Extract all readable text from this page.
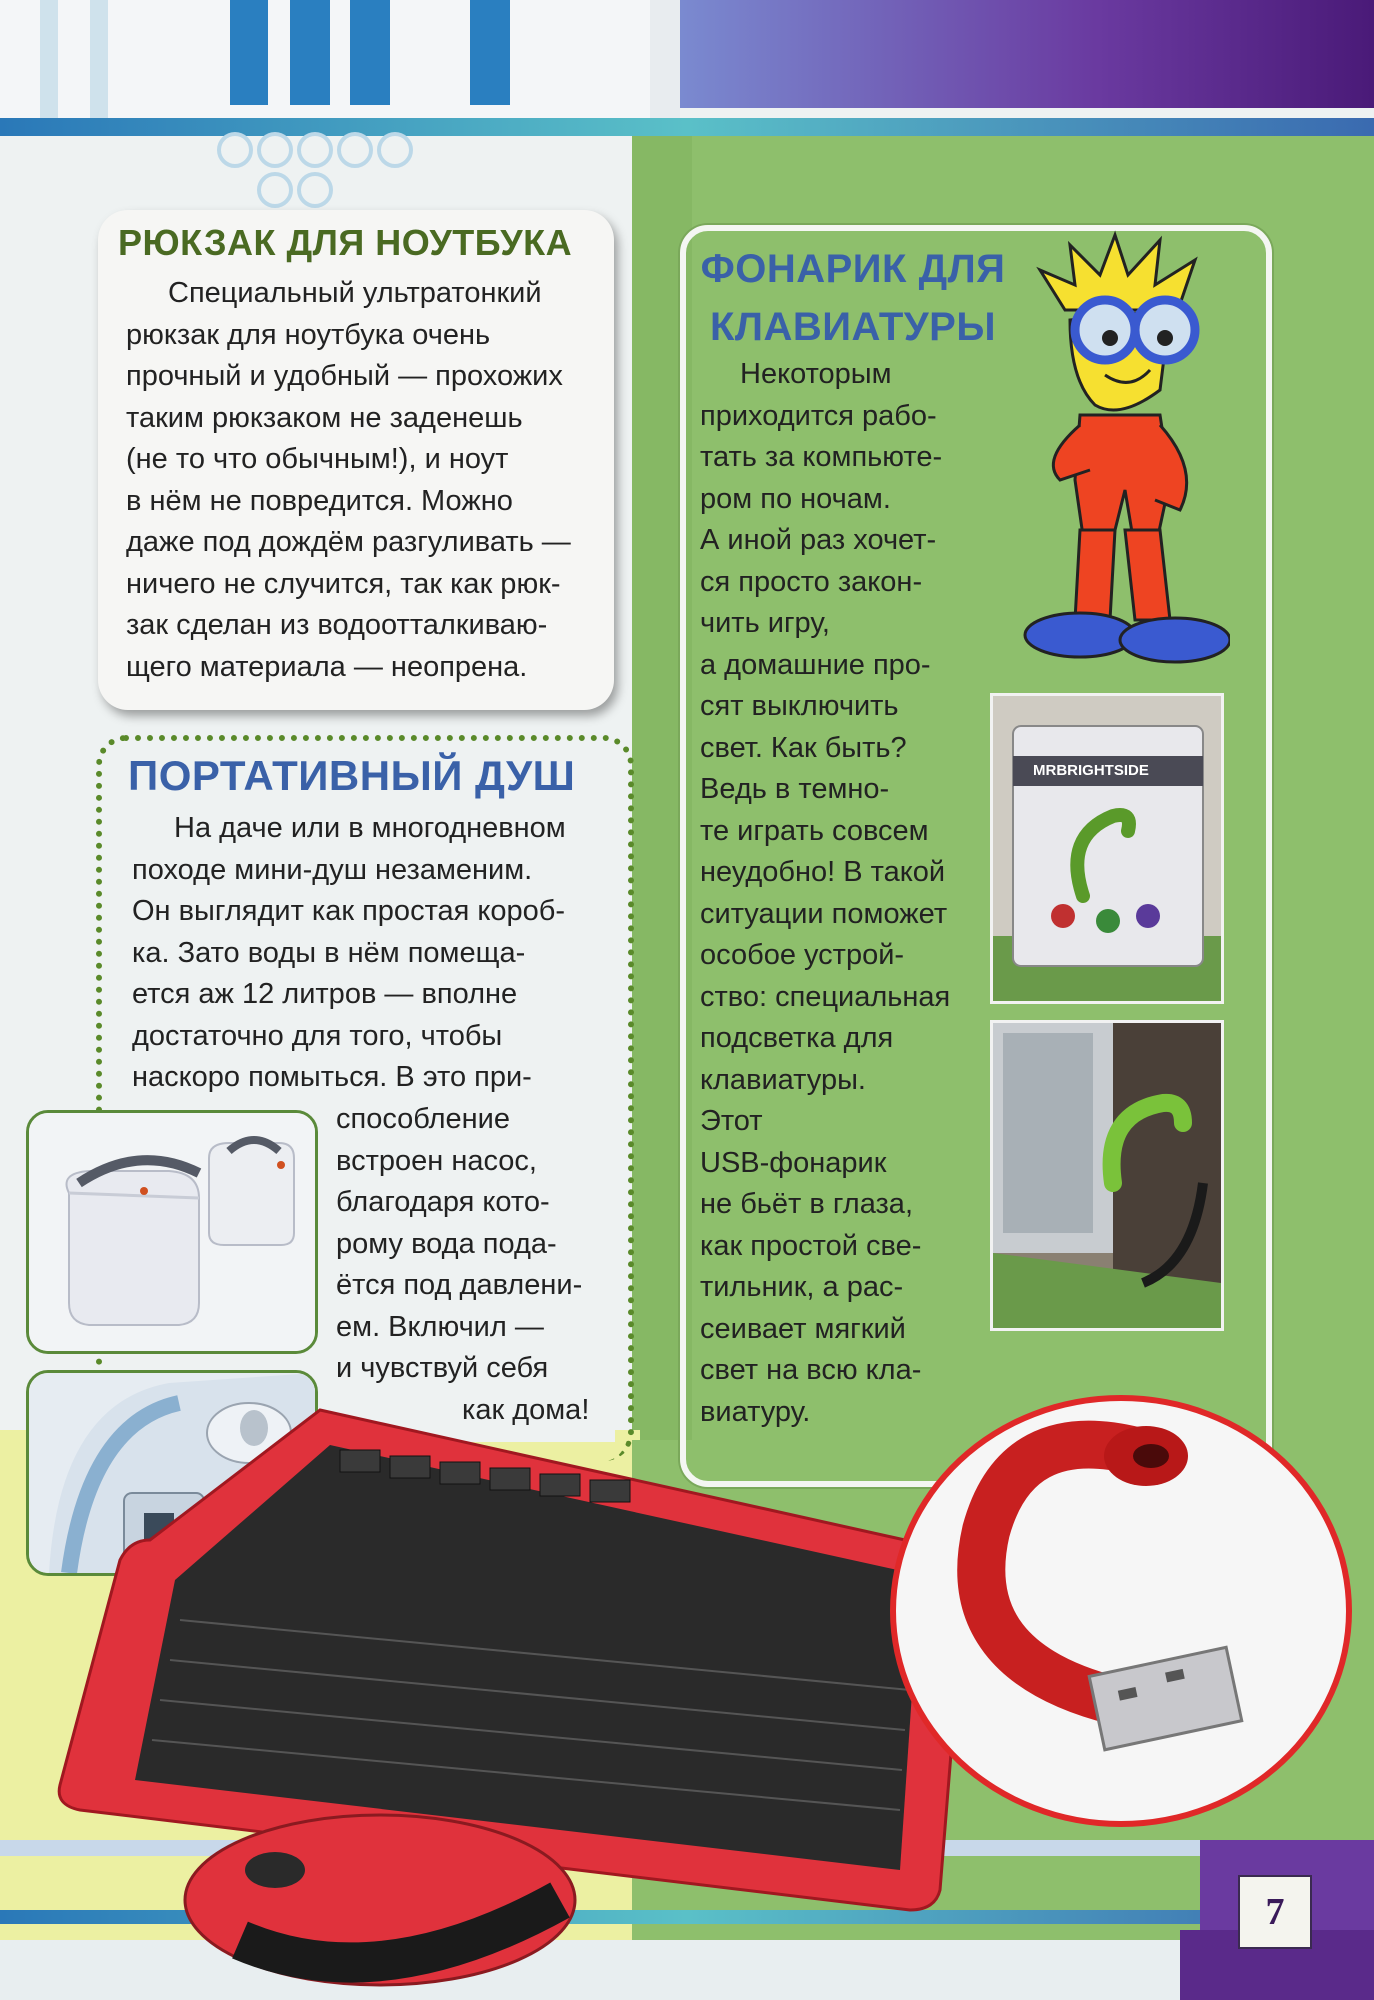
РЮКЗАК ДЛЯ НОУТБУКА
Специальный ультратонкий
рюкзак для ноутбука очень
прочный и удобный — прохожих
таким рюкзаком не заденешь
(не то что обычным!), и ноут
в нём не повредится. Можно
даже под дождём разгуливать —
ничего не случится, так как рюк-
зак сделан из водоотталкиваю-
щего материала — неопрена.
ПОРТАТИВНЫЙ ДУШ
На даче или в многодневном
походе мини-душ незаменим.
Он выглядит как простая короб-
ка. Зато воды в нём помеща-
ется аж 12 литров — вполне
достаточно для того, чтобы
наскоро помыться. В это при-
способление
встроен насос,
благодаря кото-
рому вода пода-
ётся под давлени-
ем. Включил —
и чувствуй себя
как дома!
ФОНАРИК ДЛЯ
КЛАВИАТУРЫ
Некоторым
приходится рабо-
тать за компьюте-
ром по ночам.
А иной раз хочет-
ся просто закон-
чить игру,
а домашние про-
сят выключить
свет. Как быть?
Ведь в темно-
те играть совсем
неудобно! В такой
ситуации поможет
особое устрой-
ство: специальная
подсветка для
клавиатуры.
Этот
USB-фонарик
не бьёт в глаза,
как простой све-
тильник, а рас-
сеивает мягкий
свет на всю кла-
виатуру.
MRBRIGHTSIDE
7
